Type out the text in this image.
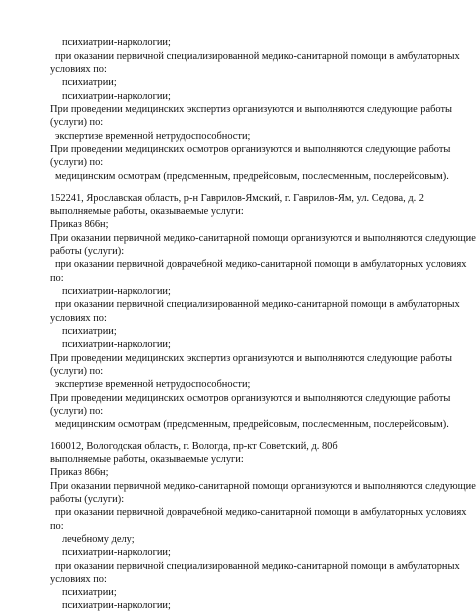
психиатрии-наркологии;
при оказании первичной специализированной медико-санитарной помощи в амбулаторных
условиях по:
психиатрии;
психиатрии-наркологии;
При проведении медицинских экспертиз организуются и выполняются следующие работы
(услуги) по:
экспертизе временной нетрудоспособности;
При проведении медицинских осмотров организуются и выполняются следующие работы
(услуги) по:
медицинским осмотрам (предсменным, предрейсовым, послесменным, послерейсовым).
152241, Ярославская область, р-н Гаврилов-Ямский, г. Гаврилов-Ям, ул. Седова, д. 2
выполняемые работы, оказываемые услуги:
Приказ 866н;
При оказании первичной медико-санитарной помощи организуются и выполняются следующие
работы (услуги):
при оказании первичной доврачебной медико-санитарной помощи в амбулаторных условиях
по:
психиатрии-наркологии;
при оказании первичной специализированной медико-санитарной помощи в амбулаторных
условиях по:
психиатрии;
психиатрии-наркологии;
При проведении медицинских экспертиз организуются и выполняются следующие работы
(услуги) по:
экспертизе временной нетрудоспособности;
При проведении медицинских осмотров организуются и выполняются следующие работы
(услуги) по:
медицинским осмотрам (предсменным, предрейсовым, послесменным, послерейсовым).
160012, Вологодская область, г. Вологда, пр-кт Советский, д. 80б
выполняемые работы, оказываемые услуги:
Приказ 866н;
При оказании первичной медико-санитарной помощи организуются и выполняются следующие
работы (услуги):
при оказании первичной доврачебной медико-санитарной помощи в амбулаторных условиях
по:
лечебному делу;
психиатрии-наркологии;
при оказании первичной специализированной медико-санитарной помощи в амбулаторных
условиях по:
психиатрии;
психиатрии-наркологии;
